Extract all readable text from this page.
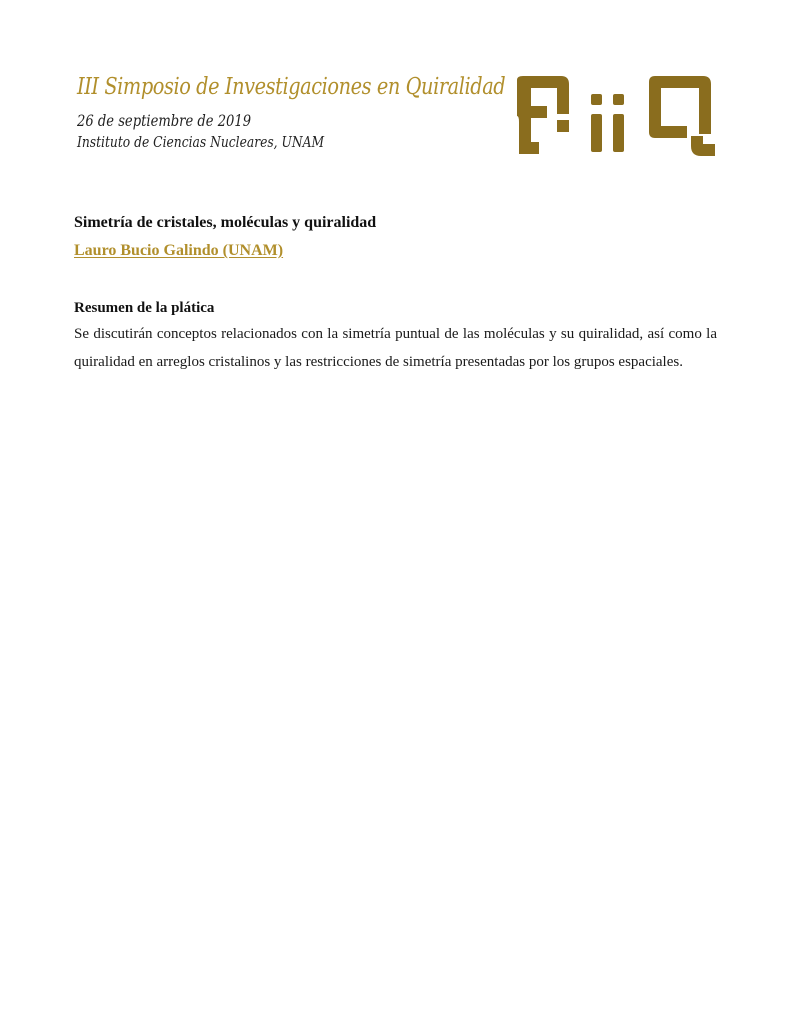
III Simposio de Investigaciones en Quiralidad
26 de septiembre de 2019
Instituto de Ciencias Nucleares, UNAM
Simetría de cristales, moléculas y quiralidad
Lauro Bucio Galindo (UNAM)
Resumen de la plática

Se discutirán conceptos relacionados con la simetría puntual de las moléculas y su quiralidad, así como la quiralidad en arreglos cristalinos y las restricciones de simetría presentadas por los grupos espaciales.
